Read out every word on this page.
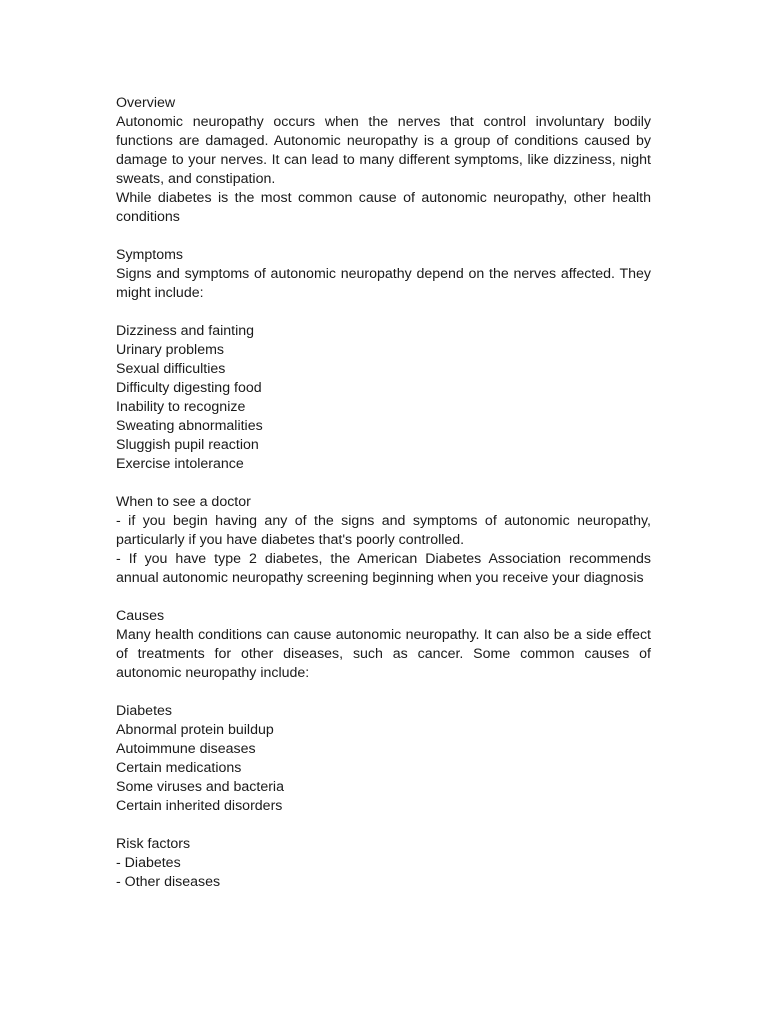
Overview
Autonomic neuropathy occurs when the nerves that control involuntary bodily functions are damaged. Autonomic neuropathy is a group of conditions caused by damage to your nerves. It can lead to many different symptoms, like dizziness, night sweats, and constipation.
While diabetes is the most common cause of autonomic neuropathy, other health conditions
Symptoms
Signs and symptoms of autonomic neuropathy depend on the nerves affected. They might include:
Dizziness and fainting
Urinary problems
Sexual difficulties
Difficulty digesting food
Inability to recognize
Sweating abnormalities
Sluggish pupil reaction
Exercise intolerance
When to see a doctor
- if you begin having any of the signs and symptoms of autonomic neuropathy, particularly if you have diabetes that's poorly controlled.
- If you have type 2 diabetes, the American Diabetes Association recommends annual autonomic neuropathy screening beginning when you receive your diagnosis
Causes
Many health conditions can cause autonomic neuropathy. It can also be a side effect of treatments for other diseases, such as cancer. Some common causes of autonomic neuropathy include:
Diabetes
Abnormal protein buildup
Autoimmune diseases
Certain medications
Some viruses and bacteria
Certain inherited disorders
Risk factors
- Diabetes
- Other diseases
